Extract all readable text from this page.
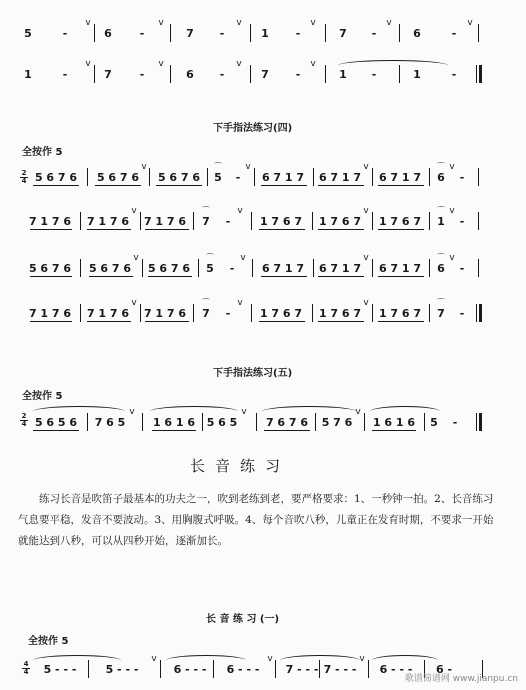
5	-
v
6	-
v
7 -
v
1 -
v
7 -
v
6	-
v
1	-
v
7	-
v
6 -
v
7 -
v
1 -	1	-
下手指法练习(四)
全按作 5
2
4 5 6 7 6 5 6 7 6
v
5 6 7 6
⌒
5 -
v
6 7 1 7 6 7 1 7
v
6 7 1 7
⌒
6 -
v
7 1 7 6 7 1 7 6
v
7 1 7 6
⌒
7 -
v
1 7 6 7 1 7 6 7
v
1 7 6 7
⌒
1 -
v
5 6 7 6 5 6 7 6
v
5 6 7 6
⌒
5 -
v
6 7 1 7 6 7 1 7
v
6 7 1 7
⌒
6 -
v
7 1 7 6 7 1 7 6
v
7 1 7 6
⌒
7 -
v
1 7 6 7 1 7 6 7
v
1 7 6 7
⌒
7 -
下手指法练习(五)
全按作 5
2
4 5 6 5 6 7 6 5
v
1 6 1 6 5 6 5
v
7 6 7 6 5 7 6
v
1 6 1 6 5 -
长音练习
练习长音是吹笛子最基本的功夫之一，吹到老练到老，要严格要求：1、一秒钟一拍。2、长音练习气息要平稳，发音不要波动。3、用胸腹式呼吸。4、每个音吹八秒，儿童正在发育时期，不要求一开始就能达到八秒，可以从四秒开始，逐渐加长。
长 音 练 习 (一)
全按作 5
4
4 5 - - -	5 - - -
v
6 - - - 6 - - -
v
7 - - - 7 - - -
v
6 - - - 6 -
歌谱简谱网 www.jianpu.cn
